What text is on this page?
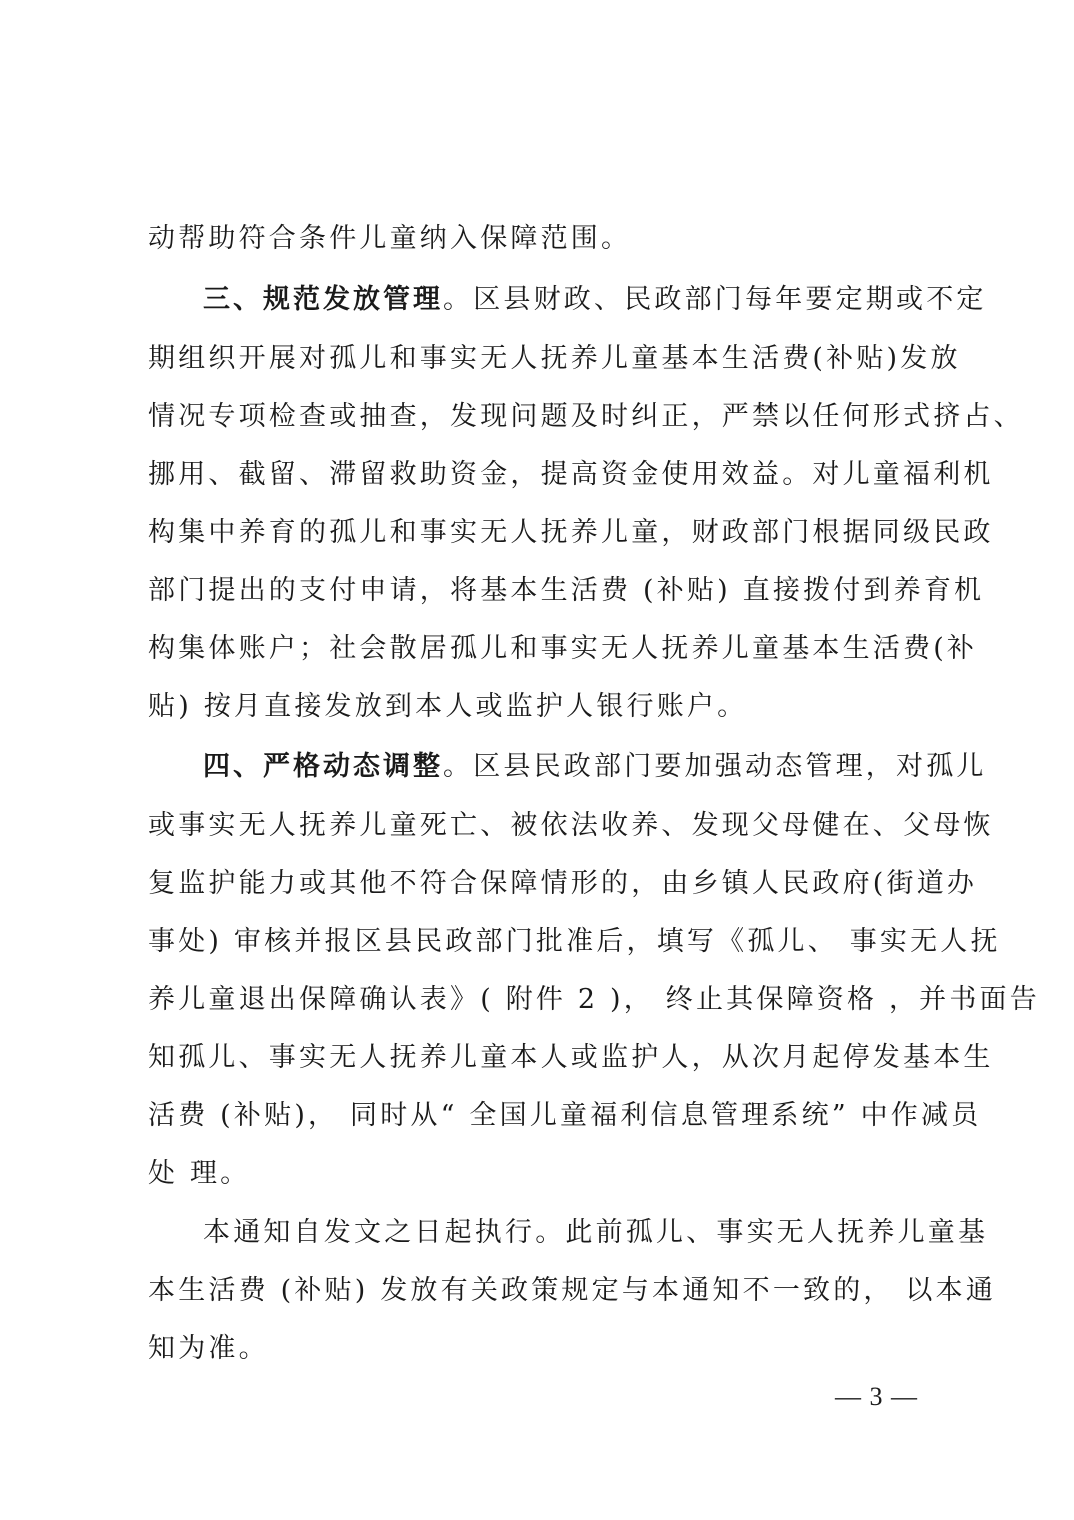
动帮助符合条件儿童纳入保障范围。
三、规范发放管理。区县财政、民政部门每年要定期或不定
期组织开展对孤儿和事实无人抚养儿童基本生活费(补贴)发放
情况专项检查或抽查，发现问题及时纠正，严禁以任何形式挤占、
挪用、截留、滞留救助资金，提高资金使用效益。对儿童福利机
构集中养育的孤儿和事实无人抚养儿童，财政部门根据同级民政
部门提出的支付申请，将基本生活费 (补贴) 直接拨付到养育机
构集体账户；社会散居孤儿和事实无人抚养儿童基本生活费(补
贴) 按月直接发放到本人或监护人银行账户。
四、严格动态调整。区县民政部门要加强动态管理，对孤儿
或事实无人抚养儿童死亡、被依法收养、发现父母健在、父母恢
复监护能力或其他不符合保障情形的，由乡镇人民政府(街道办
事处) 审核并报区县民政部门批准后，填写《孤儿、 事实无人抚
养儿童退出保障确认表》( 附件 2 )， 终止其保障资格 ，并书面告
知孤儿、事实无人抚养儿童本人或监护人，从次月起停发基本生
活费 (补贴)， 同时从“ 全国儿童福利信息管理系统” 中作减员
处 理。
本通知自发文之日起执行。此前孤儿、事实无人抚养儿童基
本生活费 (补贴) 发放有关政策规定与本通知不一致的， 以本通
知为准。
— 3 —
